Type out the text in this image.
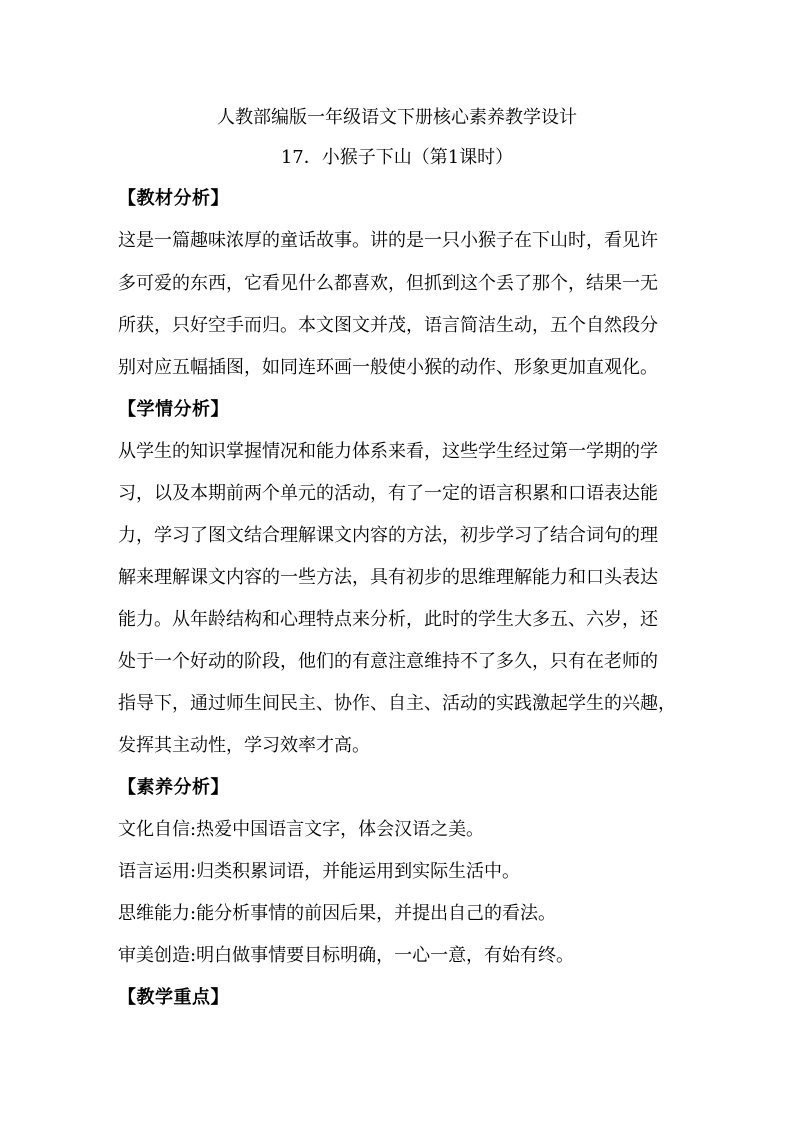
人教部编版一年级语文下册核心素养教学设计
17．小猴子下山（第1课时）
【教材分析】
这是一篇趣味浓厚的童话故事。讲的是一只小猴子在下山时，看见许
多可爱的东西，它看见什么都喜欢，但抓到这个丢了那个，结果一无
所获，只好空手而归。本文图文并茂，语言简洁生动，五个自然段分
别对应五幅插图，如同连环画一般使小猴的动作、形象更加直观化。
【学情分析】
从学生的知识掌握情况和能力体系来看，这些学生经过第一学期的学
习，以及本期前两个单元的活动，有了一定的语言积累和口语表达能
力，学习了图文结合理解课文内容的方法，初步学习了结合词句的理
解来理解课文内容的一些方法，具有初步的思维理解能力和口头表达
能力。从年龄结构和心理特点来分析，此时的学生大多五、六岁，还
处于一个好动的阶段，他们的有意注意维持不了多久，只有在老师的
指导下，通过师生间民主、协作、自主、活动的实践激起学生的兴趣，
发挥其主动性，学习效率才高。
【素养分析】
文化自信:热爱中国语言文字，体会汉语之美。
语言运用:归类积累词语，并能运用到实际生活中。
思维能力:能分析事情的前因后果，并提出自己的看法。
审美创造:明白做事情要目标明确，一心一意，有始有终。
【教学重点】
